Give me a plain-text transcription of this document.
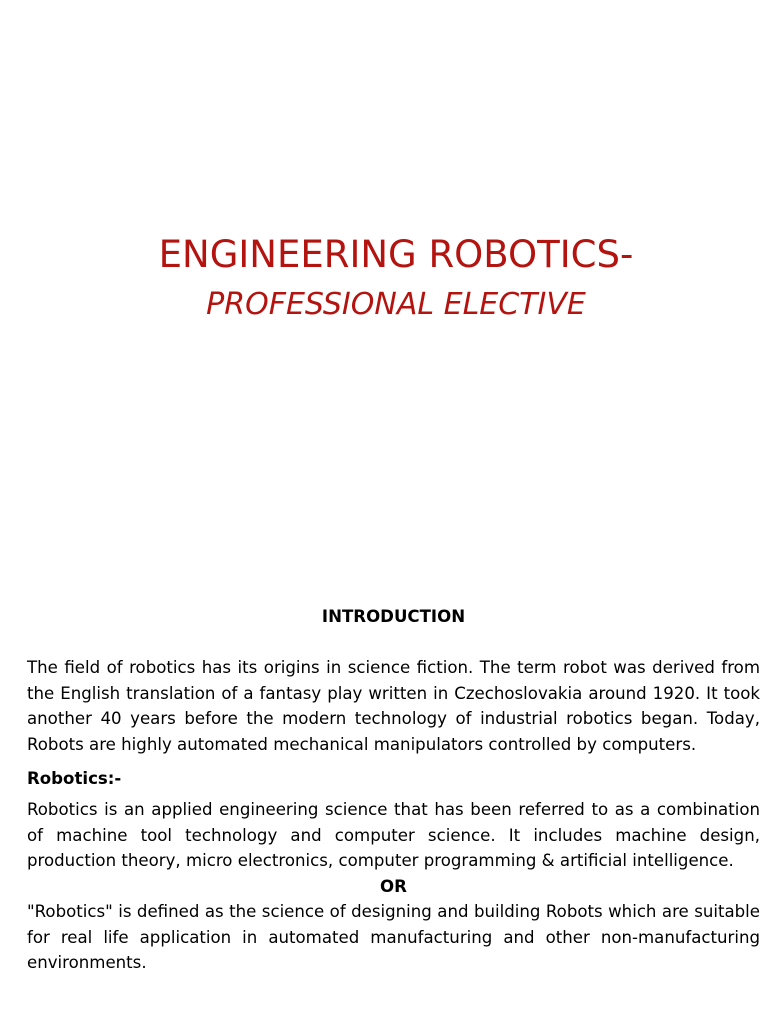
ENGINEERING ROBOTICS-
PROFESSIONAL ELECTIVE
INTRODUCTION

The field of robotics has its origins in science fiction. The term robot was derived from the English translation of a fantasy play written in Czechoslovakia around 1920. It took another 40 years before the modern technology of industrial robotics began. Today, Robots are highly automated mechanical manipulators controlled by computers.

Robotics:-

Robotics is an applied engineering science that has been referred to as a combination of machine tool technology and computer science. It includes machine design, production theory, micro electronics, computer programming & artificial intelligence.

OR

"Robotics" is defined as the science of designing and building Robots which are suitable for real life application in automated manufacturing and other non-manufacturing environments.
